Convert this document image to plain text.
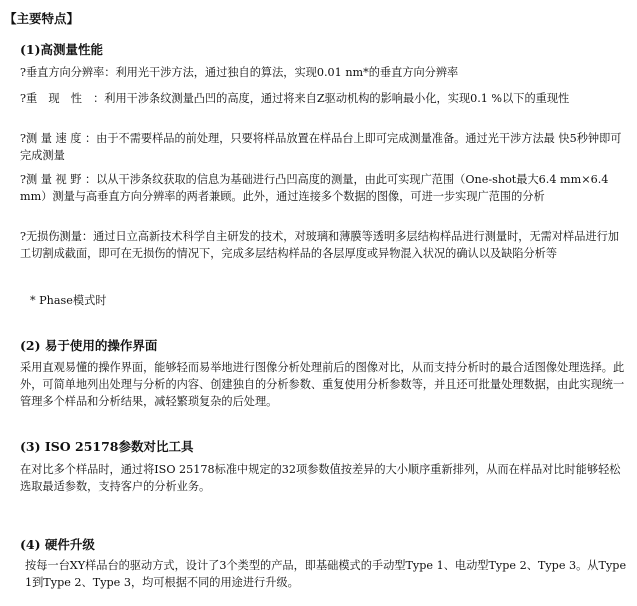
【主要特点】
(1)高测量性能
?垂直方向分辨率：利用光干涉方法，通过独自的算法，实现0.01 nm*的垂直方向分辨率
?重　现　性　：利用干涉条纹测量凸凹的高度，通过将来自Z驱动机构的影响最小化，实现0.1 %以下的重现性
?测 量 速 度 ：由于不需要样品的前处理，只要将样品放置在样品台上即可完成测量准备。通过光干涉方法最 快5秒钟即可完成测量
?测 量 视 野 ：以从干涉条纹获取的信息为基础进行凸凹高度的测量，由此可实现广范围（One-shot最大6.4 mm×6.4 mm）测量与高垂直方向分辨率的两者兼顾。此外，通过连接多个数据的图像，可进一步实现广范围的分析
?无损伤测量：通过日立高新技术科学自主研发的技术，对玻璃和薄膜等透明多层结构样品进行测量时，无需对样品进行加工切割成截面，即可在无损伤的情况下，完成多层结构样品的各层厚度或异物混入状况的确认以及缺陷分析等
* Phase模式时
(2) 易于使用的操作界面
采用直观易懂的操作界面，能够轻而易举地进行图像分析处理前后的图像对比，从而支持分析时的最合适图像处理选择。此外，可简单地列出处理与分析的内容、创建独自的分析参数、重复使用分析参数等，并且还可批量处理数据，由此实现统一管理多个样品和分析结果，减轻繁琐复杂的后处理。
(3) ISO 25178参数对比工具
在对比多个样品时，通过将ISO 25178标准中规定的32项参数值按差异的大小顺序重新排列，从而在样品对比时能够轻松选取最适参数，支持客户的分析业务。
(4) 硬件升级
按每一台XY样品台的驱动方式，设计了3个类型的产品，即基础模式的手动型Type 1、电动型Type 2、Type 3。从Type 1到Type 2、Type 3，均可根据不同的用途进行升级。
